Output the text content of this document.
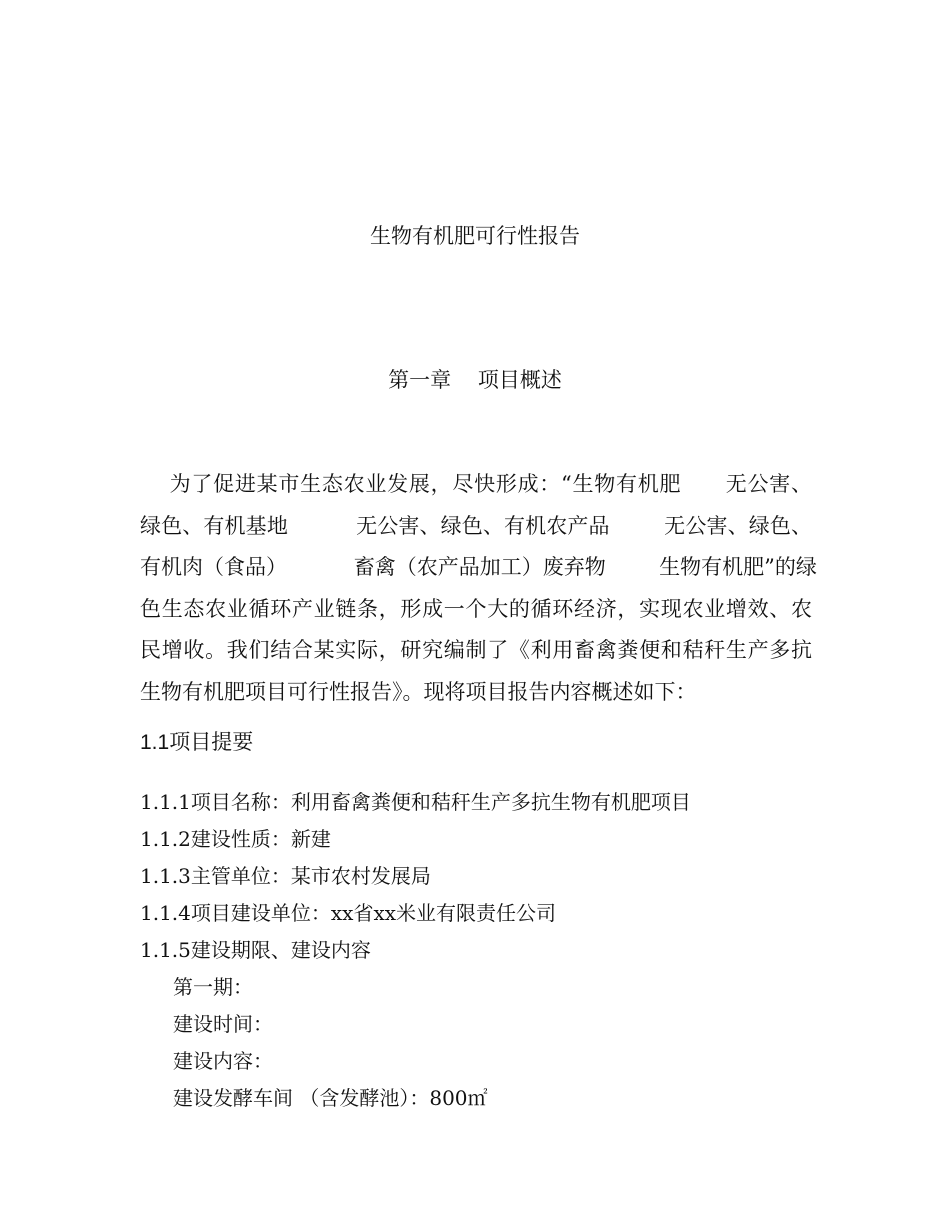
生物有机肥可行性报告
第一章    项目概述
为了促进某市生态农业发展，尽快形成：“生物有机肥      无公害、
绿色、有机基地          无公害、绿色、有机农产品        无公害、绿色、
有机肉（食品）          畜禽（农产品加工）废弃物        生物有机肥”的绿
色生态农业循环产业链条，形成一个大的循环经济，实现农业增效、农
民增收。我们结合某实际，研究编制了《利用畜禽粪便和秸秆生产多抗
生物有机肥项目可行性报告》。现将项目报告内容概述如下：
1.1项目提要
1.1.1项目名称：利用畜禽粪便和秸秆生产多抗生物有机肥项目
1.1.2建设性质：新建
1.1.3主管单位：某市农村发展局
1.1.4项目建设单位：xx省xx米业有限责任公司
1.1.5建设期限、建设内容
第一期：
建设时间：
建设内容：
建设发酵车间 （含发酵池）：800㎡
